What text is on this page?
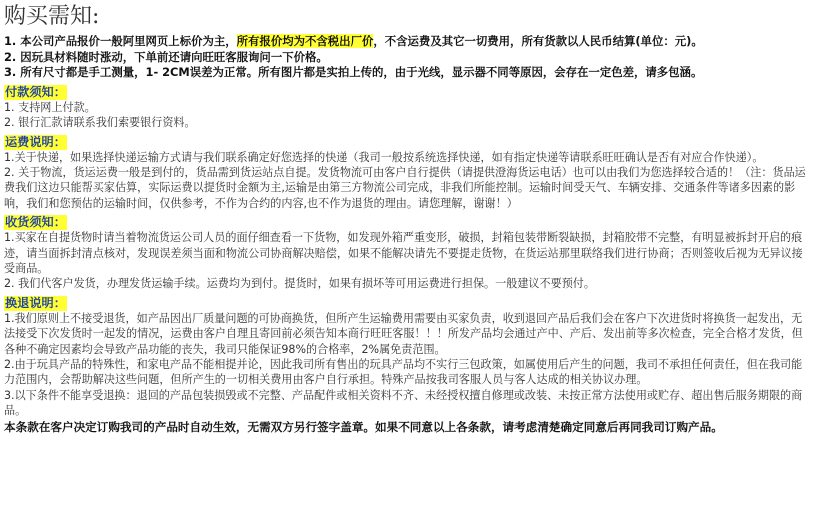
购买需知:

1. 本公司产品报价一般阿里网页上标价为主，所有报价均为不含税出厂价，不含运费及其它一切费用，所有货款以人民币结算(单位：元)。

2. 因玩具材料随时涨动，下单前还请向旺旺客服询问一下价格。

3. 所有尺寸都是手工测量，1- 2CM误差为正常。所有图片都是实拍上传的，由于光线，显示器不同等原因，会存在一定色差，请多包涵。

付款须知：

1. 支持网上付款。

2. 银行汇款请联系我们索要银行资料。

运费说明：

1.关于快递，如果选择快递运输方式请与我们联系确定好您选择的快递（我司一般按系统选择快递，如有指定快递等请联系旺旺确认是否有对应合作快递）。

2. 关于物流，货运运费一般是到付的，货品需到货运站点自提。发货物流可由客户自行提供（请提供澄海货运电话）也可以由我们为您选择较合适的！（注：货品运费我们这边只能帮买家估算，实际运费以提货时金额为主,运输是由第三方物流公司完成，非我们所能控制。运输时间受天气、车辆安排、交通条件等诸多因素的影响，我们和您预估的运输时间，仅供参考，不作为合约的内容,也不作为退货的理由。请您理解，谢谢！）

收货须知：

1.买家在自提货物时请当着物流货运公司人员的面仔细查看一下货物，如发现外箱严重变形，破损，封箱包装带断裂缺损，封箱胶带不完整，有明显被拆封开启的痕迹，请当面拆封清点核对，发现误差须当面和物流公司协商解决赔偿，如果不能解决请先不要提走货物，在货运站那里联络我们进行协商；否则签收后视为无异议接受商品。

2. 我们代客户发货，办理发货运输手续。运费均为到付。提货时，如果有损坏等可用运费进行担保。一般建议不要预付。

换退说明：

1.我们原则上不接受退货，如产品因出厂质量问题的可协商换货，但所产生运输费用需要由买家负责，收到退回产品后我们会在客户下次进货时将换货一起发出，无法接受下次发货时一起发的情况，运费由客户自理且寄回前必须告知本商行旺旺客服！！！所发产品均会通过产中、产后、发出前等多次检查，完全合格才发货，但各种不确定因素均会导致产品功能的丧失，我司只能保证98%的合格率，2%属免责范围。

2.由于玩具产品的特殊性，和家电产品不能相提并论，因此我司所有售出的玩具产品均不实行三包政策，如属使用后产生的问题，我司不承担任何责任，但在我司能力范围内，会帮助解决这些问题，但所产生的一切相关费用由客户自行承担。特殊产品按我司客服人员与客人达成的相关协议办理。

3.以下条件不能享受退换：退回的产品包装损毁或不完整、产品配件或相关资料不齐、未经授权擅自修理或改装、未按正常方法使用或贮存、超出售后服务期限的商品。

本条款在客户决定订购我司的产品时自动生效，无需双方另行签字盖章。如果不同意以上各条款，请考虑清楚确定同意后再同我司订购产品。
